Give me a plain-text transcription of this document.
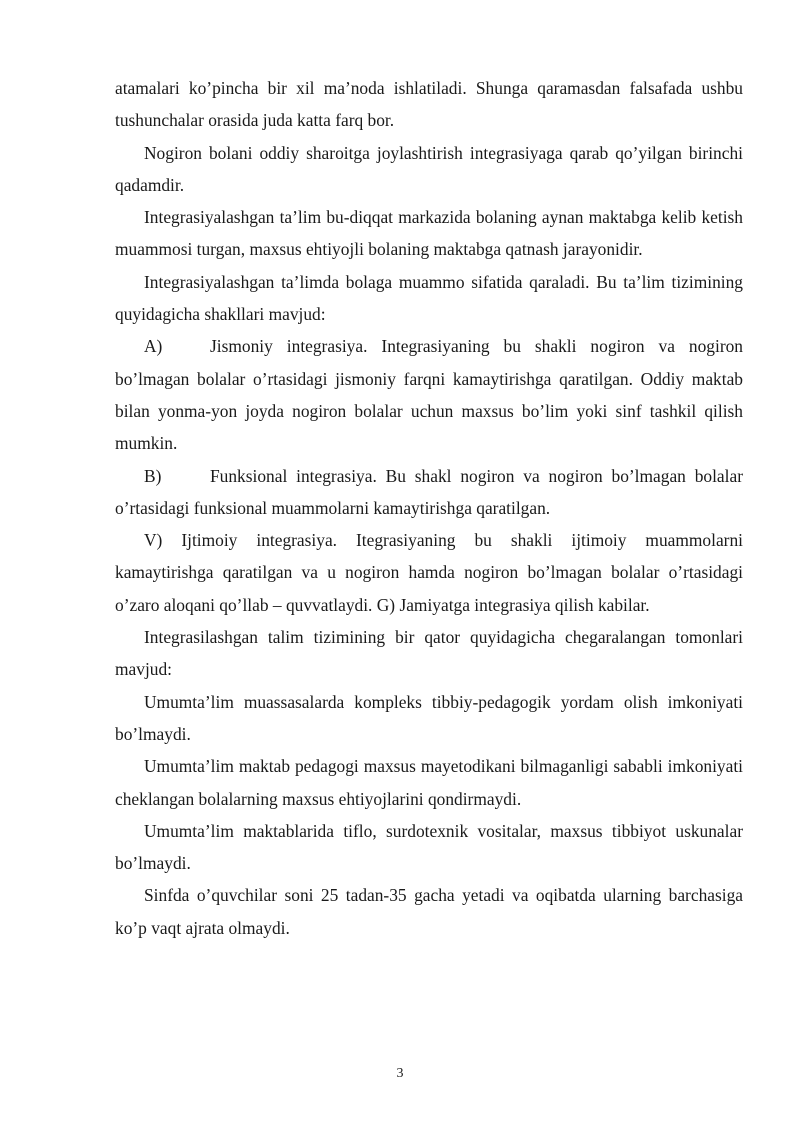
atamalari ko’pincha bir xil ma’noda ishlatiladi. Shunga qaramasdan falsafada ushbu tushunchalar orasida juda katta farq bor.

Nogiron bolani oddiy sharoitga joylashtirish integrasiyaga qarab qo’yilgan birinchi qadamdir.

Integrasiyalashgan ta’lim bu-diqqat markazida bolaning aynan maktabga kelib ketish muammosi turgan, maxsus ehtiyojli bolaning maktabga qatnash jarayonidir.

Integrasiyalashgan ta’limda bolaga muammo sifatida qaraladi. Bu ta’lim tizimining quyidagicha shakllari mavjud:

A)	Jismoniy integrasiya. Integrasiyaning bu shakli nogiron va nogiron bo’lmagan bolalar o’rtasidagi jismoniy farqni kamaytirishga qaratilgan. Oddiy maktab bilan yonma-yon joyda nogiron bolalar uchun maxsus bo’lim yoki sinf tashkil qilish mumkin.

B)	Funksional integrasiya. Bu shakl nogiron va nogiron bo’lmagan bolalar o’rtasidagi funksional muammolarni kamaytirishga qaratilgan.

V) Ijtimoiy integrasiya. Itegrasiyaning bu shakli ijtimoiy muammolarni kamaytirishga qaratilgan va u nogiron hamda nogiron bo’lmagan bolalar o’rtasidagi o’zaro aloqani qo’llab – quvvatlaydi. G) Jamiyatga integrasiya qilish kabilar.

Integrasilashgan talim tizimining bir qator quyidagicha chegaralangan tomonlari mavjud:

Umumta’lim muassasalarda kompleks tibbiy-pedagogik yordam olish imkoniyati bo’lmaydi.

Umumta’lim maktab pedagogi maxsus mayetodikani bilmaganligi sababli imkoniyati cheklangan bolalarning maxsus ehtiyojlarini qondirmaydi.

Umumta’lim maktablarida tiflo, surdotexnik vositalar, maxsus tibbiyot uskunalar bo’lmaydi.

Sinfda o’quvchilar soni 25 tadan-35 gacha yetadi va oqibatda ularning barchasiga ko’p vaqt ajrata olmaydi.

3
